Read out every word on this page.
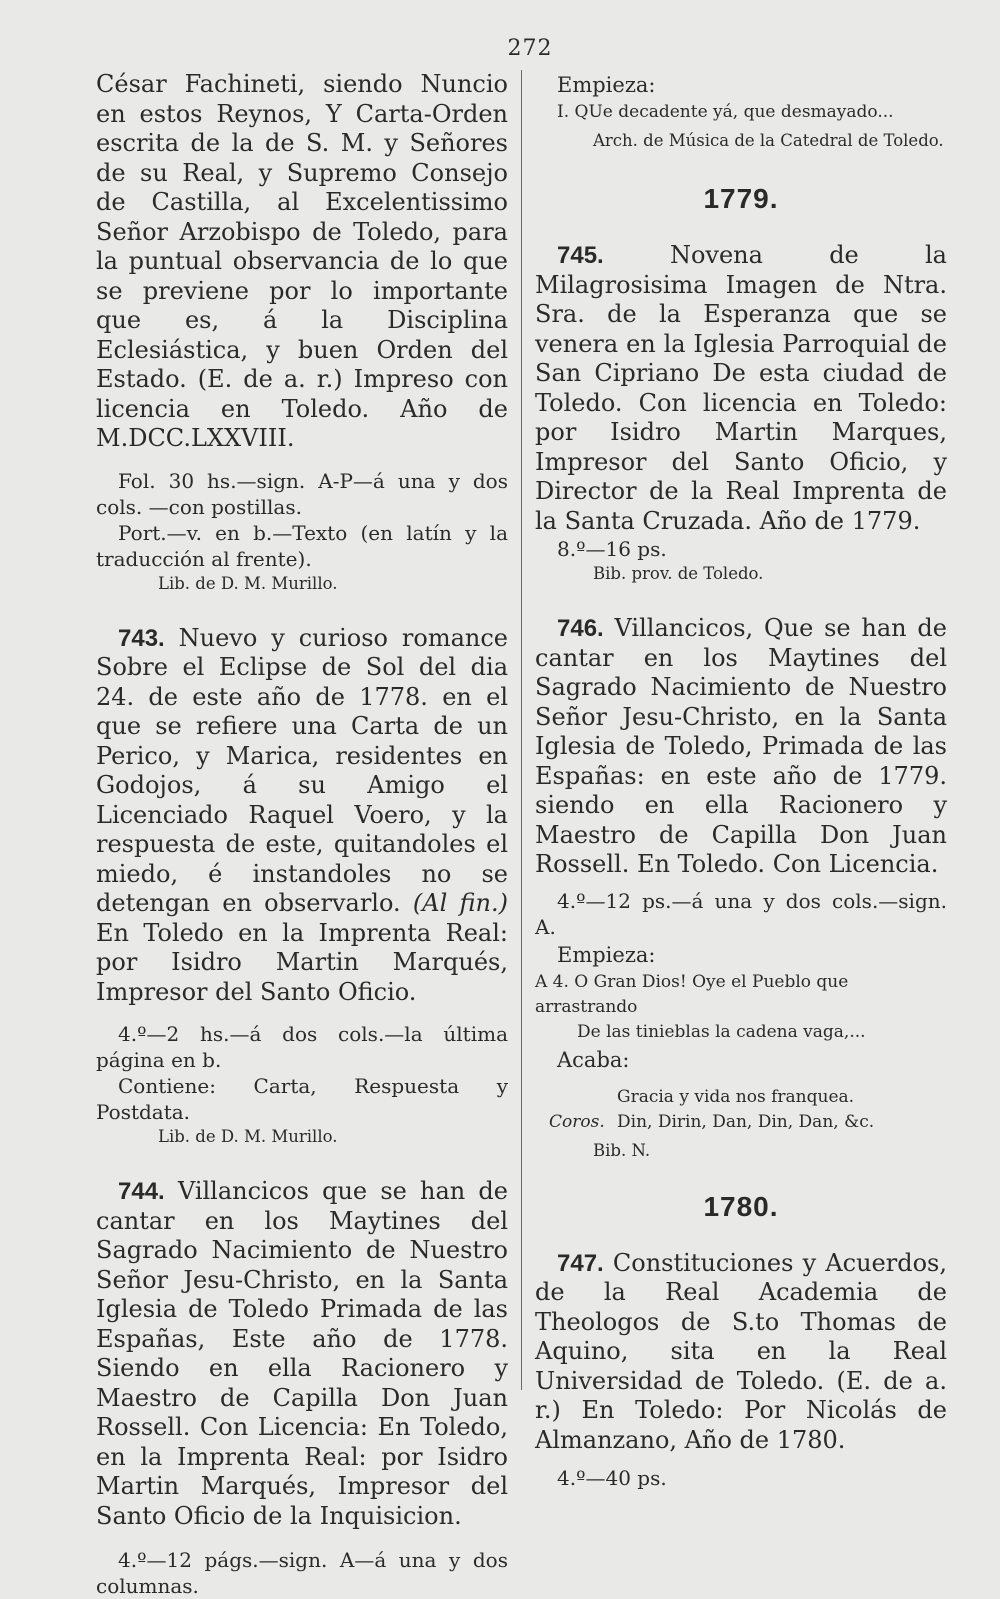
272

César Fachineti, siendo Nuncio en estos Reynos, Y Carta-Orden escrita de la de S. M. y Señores de su Real, y Supremo Consejo de Castilla, al Excelentissimo Señor Arzobispo de Toledo, para la puntual observancia de lo que se previene por lo importante que es, á la Disciplina Eclesiástica, y buen Orden del Estado. (E. de a. r.) Impreso con licencia en Toledo. Año de M.DCC.LXXVIII.

Fol. 30 hs.—sign. A-P—á una y dos cols. —con postillas.

Port.—v. en b.—Texto (en latín y la traducción al frente).

Lib. de D. M. Murillo.

743. Nuevo y curioso romance Sobre el Eclipse de Sol del dia 24. de este año de 1778. en el que se refiere una Carta de un Perico, y Marica, residentes en Godojos, á su Amigo el Licenciado Raquel Voero, y la respuesta de este, quitandoles el miedo, é instandoles no se detengan en observarlo. (Al fin.) En Toledo en la Imprenta Real: por Isidro Martin Marqués, Impresor del Santo Oficio.

4.º—2 hs.—á dos cols.—la última página en b.

Contiene: Carta, Respuesta y Postdata.

Lib. de D. M. Murillo.

744. Villancicos que se han de cantar en los Maytines del Sagrado Nacimiento de Nuestro Señor Jesu-Christo, en la Santa Iglesia de Toledo Primada de las Españas, Este año de 1778. Siendo en ella Racionero y Maestro de Capilla Don Juan Rossell. Con Licencia: En Toledo, en la Imprenta Real: por Isidro Martin Marqués, Impresor del Santo Oficio de la Inquisicion.

4.º—12 págs.—sign. A—á una y dos columnas.

Empieza:

I. QUe decadente yá, que desmayado...

Arch. de Música de la Catedral de Toledo.

1779.

745.	Novena de la Milagrosisima Imagen de Ntra. Sra. de la Esperanza que se venera en la Iglesia Parroquial de San Cipriano De esta ciudad de Toledo. Con licencia en Toledo: por Isidro Martin Marques, Impresor del Santo Oficio, y Director de la Real Imprenta de la Santa Cruzada. Año de 1779.

8.º—16 ps.

Bib. prov. de Toledo.

746. Villancicos, Que se han de cantar en los Maytines del Sagrado Nacimiento de Nuestro Señor Jesu-Christo, en la Santa Iglesia de Toledo, Primada de las Españas: en este año de 1779. siendo en ella Racionero y Maestro de Capilla Don Juan Rossell. En Toledo. Con Licencia.

4.º—12 ps.—á una y dos cols.—sign. A.

Empieza:

A 4. O Gran Dios! Oye el Pueblo que arrastrando

De las tinieblas la cadena vaga,...

Acaba:

Gracia y vida nos franquea.

Coros. Din, Dirin, Dan, Din, Dan, &c.

Bib. N.

1780.

747. Constituciones y Acuerdos, de la Real Academia de Theologos de S.to Thomas de Aquino, sita en la Real Universidad de Toledo. (E. de a. r.) En Toledo: Por Nicolás de Almanzano, Año de 1780.

4.º—40 ps.
